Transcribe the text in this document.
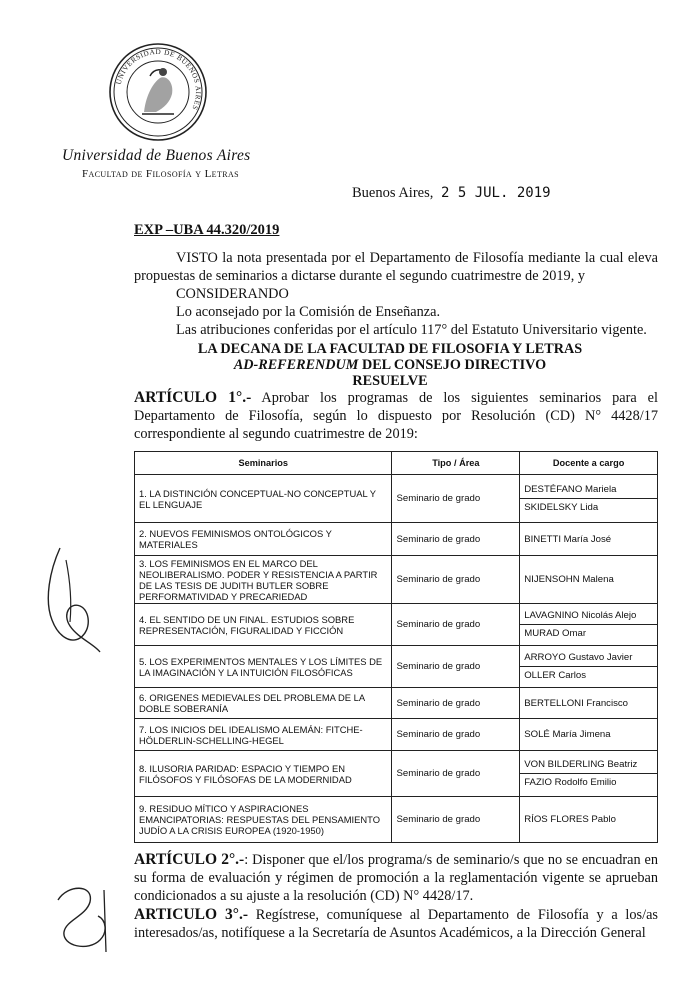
UNIVERSIDAD DE BUENOS AIRES
Universidad de Buenos Aires
Facultad de Filosofía y Letras
Buenos Aires, 2 5 JUL. 2019
EXP –UBA 44.320/2019
VISTO la nota presentada por el Departamento de Filosofía mediante la cual eleva propuestas de seminarios a dictarse durante el segundo cuatrimestre de 2019, y
CONSIDERANDO
Lo aconsejado por la Comisión de Enseñanza.
Las atribuciones conferidas por el artículo 117° del Estatuto Universitario vigente.
LA DECANA DE LA FACULTAD DE FILOSOFIA Y LETRAS
AD-REFERENDUM DEL CONSEJO DIRECTIVO
RESUELVE
ARTÍCULO 1°.- Aprobar los programas de los siguientes seminarios para el Departamento de Filosofía, según lo dispuesto por Resolución (CD) N° 4428/17 correspondiente al segundo cuatrimestre de 2019:
Seminarios	Tipo / Área	Docente a cargo
1. LA DISTINCIÓN CONCEPTUAL-NO CONCEPTUAL Y EL LENGUAJE	Seminario de grado	DESTÉFANO Mariela
SKIDELSKY Lida

2. NUEVOS FEMINISMOS ONTOLÓGICOS Y MATERIALES	Seminario de grado	BINETTI María José

3. LOS FEMINISMOS EN EL MARCO DEL NEOLIBERALISMO. PODER Y RESISTENCIA A PARTIR DE LAS TESIS DE JUDITH BUTLER SOBRE PERFORMATIVIDAD Y PRECARIEDAD	Seminario de grado	NIJENSOHN Malena

4. EL SENTIDO DE UN FINAL. ESTUDIOS SOBRE REPRESENTACIÓN, FIGURALIDAD Y FICCIÓN	Seminario de grado	LAVAGNINO Nicolás Alejo
MURAD Omar

5. LOS EXPERIMENTOS MENTALES Y LOS LÍMITES DE LA IMAGINACIÓN Y LA INTUICIÓN FILOSÓFICAS	Seminario de grado	ARROYO Gustavo Javier
OLLER Carlos

6. ORIGENES MEDIEVALES DEL PROBLEMA DE LA DOBLE SOBERANÍA	Seminario de grado	BERTELLONI Francisco

7. LOS INICIOS DEL IDEALISMO ALEMÁN: FITCHE-HÖLDERLIN-SCHELLING-HEGEL	Seminario de grado	SOLÉ María Jimena

8. ILUSORIA PARIDAD: ESPACIO Y TIEMPO EN FILÓSOFOS Y FILÓSOFAS DE LA MODERNIDAD	Seminario de grado	VON BILDERLING Beatriz
FAZIO Rodolfo Emilio

9. RESIDUO MÍTICO Y ASPIRACIONES EMANCIPATORIAS: RESPUESTAS DEL PENSAMIENTO JUDÍO A LA CRISIS EUROPEA (1920-1950)	Seminario de grado	RÍOS FLORES Pablo
ARTÍCULO 2°.-: Disponer que el/los programa/s de seminario/s que no se encuadran en su forma de evaluación y régimen de promoción a la reglamentación vigente se aprueban condicionados a su ajuste a la resolución (CD) N° 4428/17.
ARTICULO 3°.- Regístrese, comuníquese al Departamento de Filosofía y a los/as interesados/as, notifíquese a la Secretaría de Asuntos Académicos, a la Dirección General
